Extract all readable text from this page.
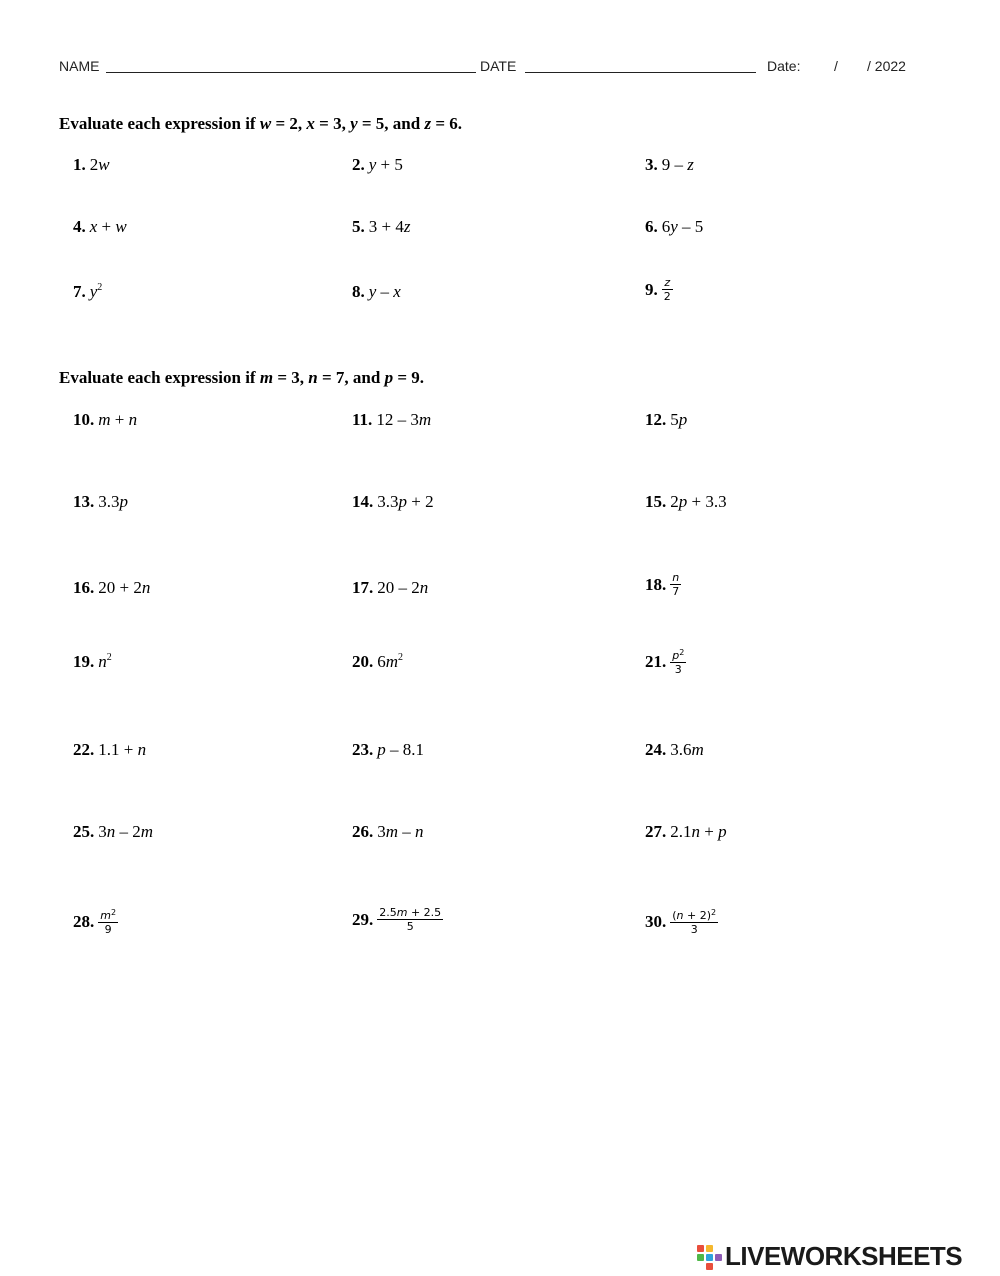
NAME	DATE	Date: / / 2022
Evaluate each expression if w = 2, x = 3, y = 5, and z = 6.
1. 2w	2. y + 5	3. 9 – z
4. x + w	5. 3 + 4z	6. 6y – 5
7. $y^2$	8. y – x	9. $\frac{z}{2}$
Evaluate each expression if m = 3, n = 7, and p = 9.
10. m + n	11. 12 – 3m	12. 5p
13. 3.3p	14. 3.3p + 2	15. 2p + 3.3
16. 20 + 2n	17. 20 – 2n	18. $\frac{n}{7}$
19. $n^2$	20. $6m^2$	21. $\frac{p^2}{3}$
22. 1.1 + n	23. p – 8.1	24. 3.6m
25. 3n – 2m	26. 3m – n	27. 2.1n + p
28. $\frac{m^2}{9}$	29. $\frac{2.5m + 2.5}{5}$	30. $\frac{(n + 2)^2}{3}$
LIVEWORKSHEETS
